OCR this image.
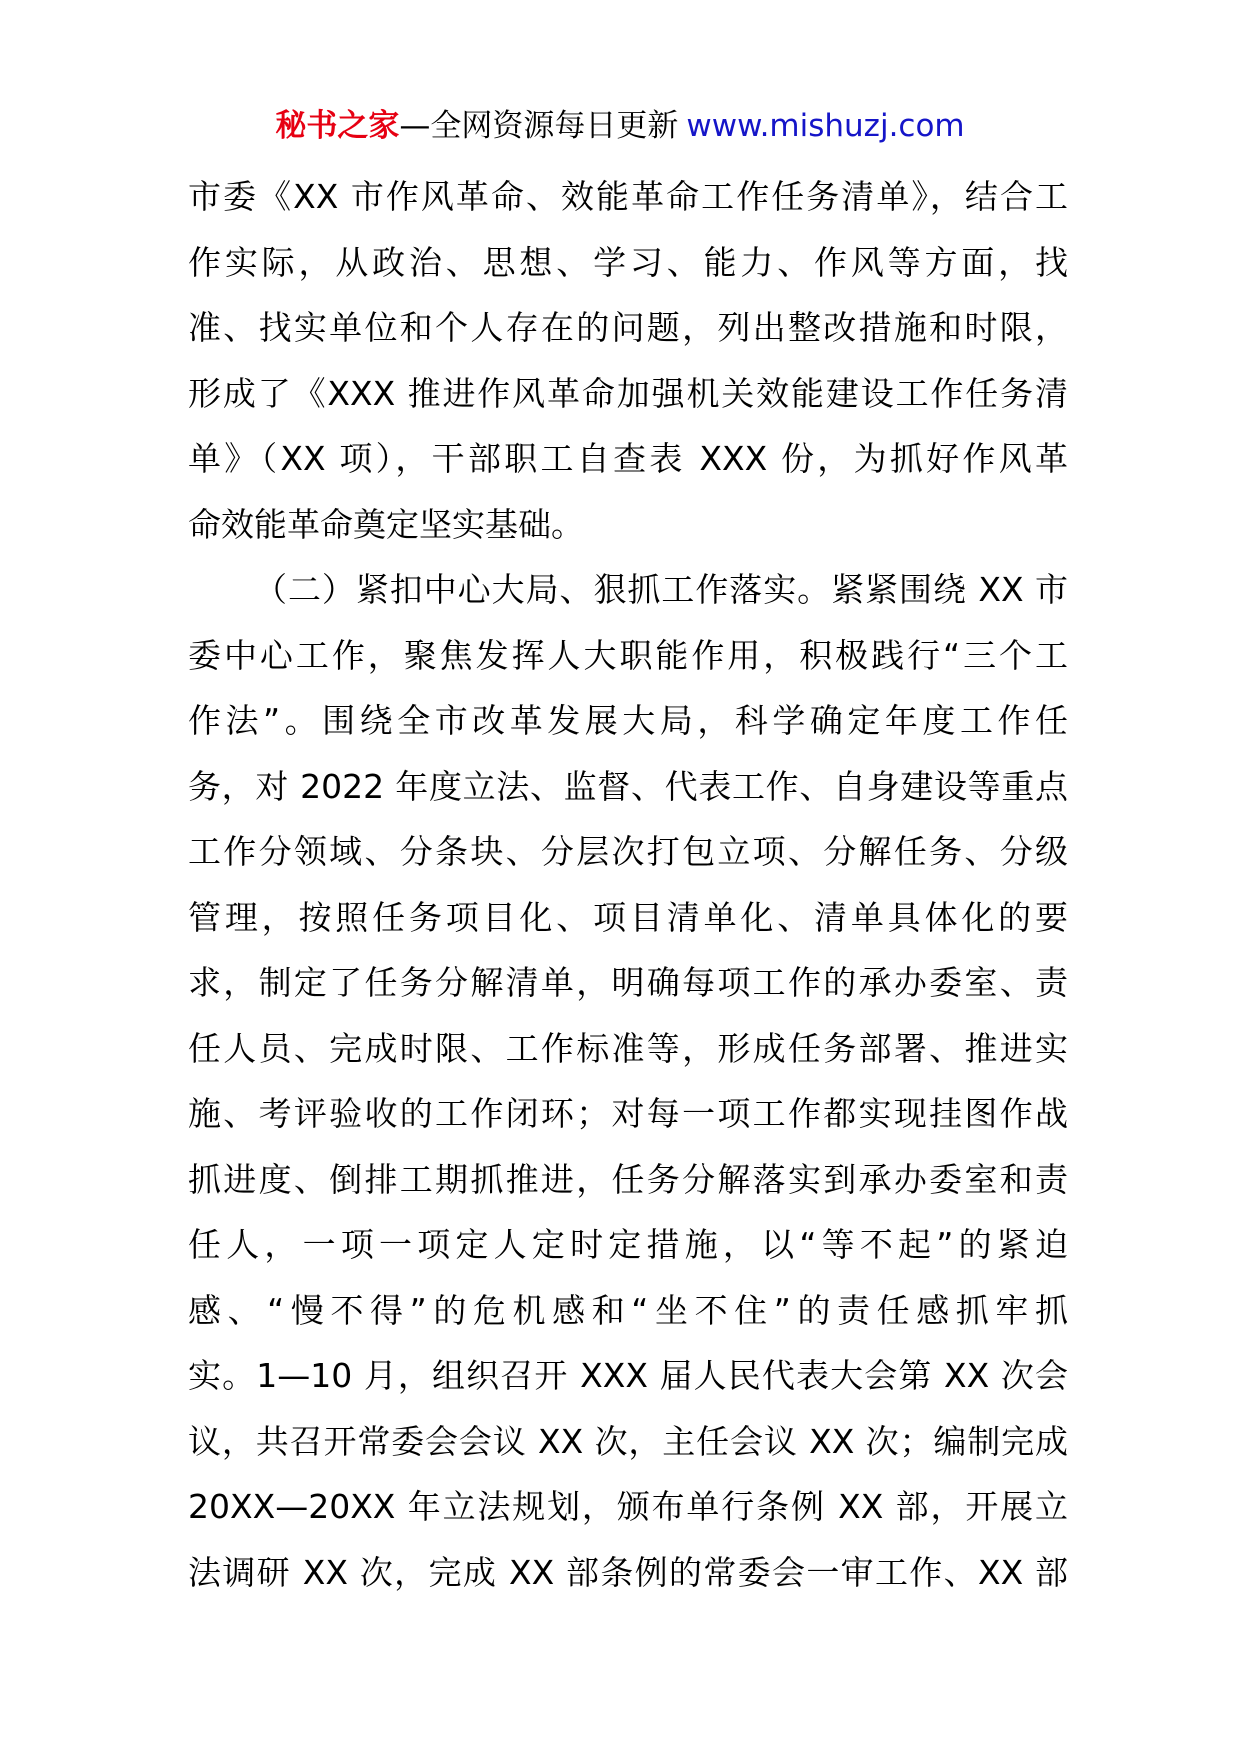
秘书之家—全网资源每日更新 www.mishuzj.com
市委《XX 市作风革命、效能革命工作任务清单》，结合工
作实际，从政治、思想、学习、能力、作风等方面，找
准、找实单位和个人存在的问题，列出整改措施和时限，
形成了《XXX 推进作风革命加强机关效能建设工作任务清
单》（XX 项），干部职工自查表 XXX 份，为抓好作风革
命效能革命奠定坚实基础。
（二）紧扣中心大局、狠抓工作落实。紧紧围绕 XX 市
委中心工作，聚焦发挥人大职能作用，积极践行“三个工
作法”。围绕全市改革发展大局，科学确定年度工作任
务，对 2022 年度立法、监督、代表工作、自身建设等重点
工作分领域、分条块、分层次打包立项、分解任务、分级
管理，按照任务项目化、项目清单化、清单具体化的要
求，制定了任务分解清单，明确每项工作的承办委室、责
任人员、完成时限、工作标准等，形成任务部署、推进实
施、考评验收的工作闭环；对每一项工作都实现挂图作战
抓进度、倒排工期抓推进，任务分解落实到承办委室和责
任人，一项一项定人定时定措施，以“等不起”的紧迫
感、“慢不得”的危机感和“坐不住”的责任感抓牢抓
实。1—10 月，组织召开 XXX 届人民代表大会第 XX 次会
议，共召开常委会会议 XX 次，主任会议 XX 次；编制完成
20XX—20XX 年立法规划，颁布单行条例 XX 部，开展立
法调研 XX 次，完成 XX 部条例的常委会一审工作、XX 部
